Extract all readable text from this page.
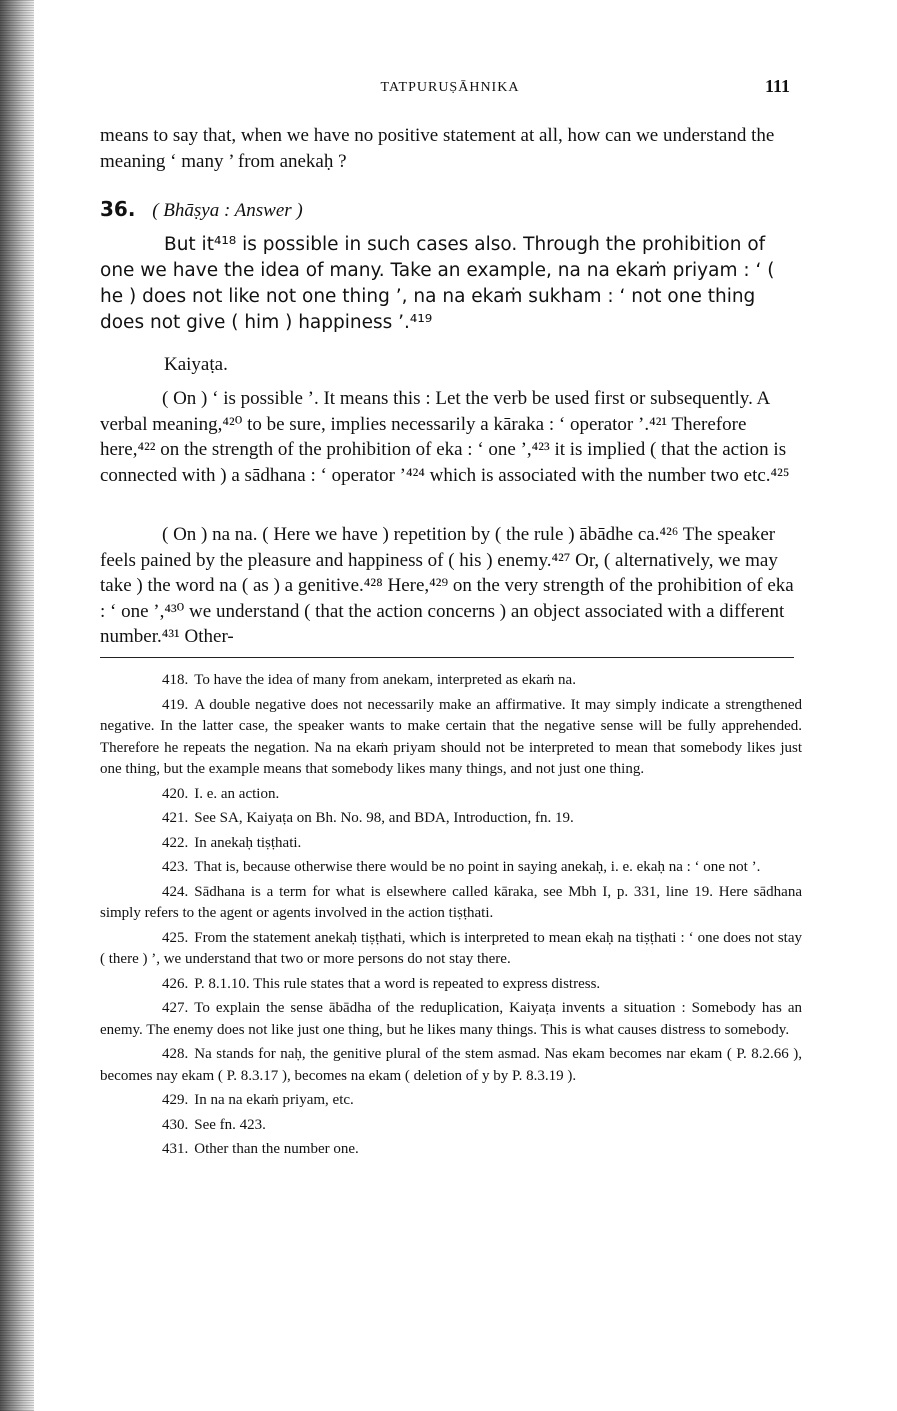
TATPURUṢĀHNIKA	111
means to say that, when we have no positive statement at all, how can we understand the meaning ‘ many ’ from anekaḥ ?
36. ( Bhāṣya : Answer )
But it⁴¹⁸ is possible in such cases also. Through the prohibition of one we have the idea of many. Take an example, na na ekaṁ priyam : ‘ ( he ) does not like not one thing ’, na na ekaṁ sukham : ‘ not one thing does not give ( him ) happiness ’.⁴¹⁹
Kaiyaṭa.
( On ) ‘ is possible ’. It means this : Let the verb be used first or subsequently. A verbal meaning,⁴²⁰ to be sure, implies necessarily a kāraka : ‘ operator ’.⁴²¹ Therefore here,⁴²² on the strength of the prohibition of eka : ‘ one ’,⁴²³ it is implied ( that the action is connected with ) a sādhana : ‘ operator ’⁴²⁴ which is associated with the number two etc.⁴²⁵
( On ) na na. ( Here we have ) repetition by ( the rule ) ābādhe ca.⁴²⁶ The speaker feels pained by the pleasure and happiness of ( his ) enemy.⁴²⁷ Or, ( alternatively, we may take ) the word na ( as ) a genitive.⁴²⁸ Here,⁴²⁹ on the very strength of the prohibition of eka : ‘ one ’,⁴³⁰ we understand ( that the action concerns ) an object associated with a different number.⁴³¹ Other-

418. To have the idea of many from anekam, interpreted as ekaṁ na.

419. A double negative does not necessarily make an affirmative. It may simply indicate a strengthened negative. In the latter case, the speaker wants to make certain that the negative sense will be fully apprehended. Therefore he repeats the negation. Na na ekaṁ priyam should not be interpreted to mean that somebody likes just one thing, but the example means that somebody likes many things, and not just one thing.

420. I. e. an action.

421. See SA, Kaiyaṭa on Bh. No. 98, and BDA, Introduction, fn. 19.

422. In anekaḥ tiṣṭhati.

423. That is, because otherwise there would be no point in saying anekaḥ, i. e. ekaḥ na : ‘ one not ’.

424. Sādhana is a term for what is elsewhere called kāraka, see Mbh I, p. 331, line 19. Here sādhana simply refers to the agent or agents involved in the action tiṣṭhati.

425. From the statement anekaḥ tiṣṭhati, which is interpreted to mean ekaḥ na tiṣṭhati : ‘ one does not stay ( there ) ’, we understand that two or more persons do not stay there.

426. P. 8.1.10. This rule states that a word is repeated to express distress.

427. To explain the sense ābādha of the reduplication, Kaiyaṭa invents a situation : Somebody has an enemy. The enemy does not like just one thing, but he likes many things. This is what causes distress to somebody.

428. Na stands for naḥ, the genitive plural of the stem asmad. Nas ekam becomes nar ekam ( P. 8.2.66 ), becomes nay ekam ( P. 8.3.17 ), becomes na ekam ( deletion of y by P. 8.3.19 ).

429. In na na ekaṁ priyam, etc.

430. See fn. 423.

431. Other than the number one.
